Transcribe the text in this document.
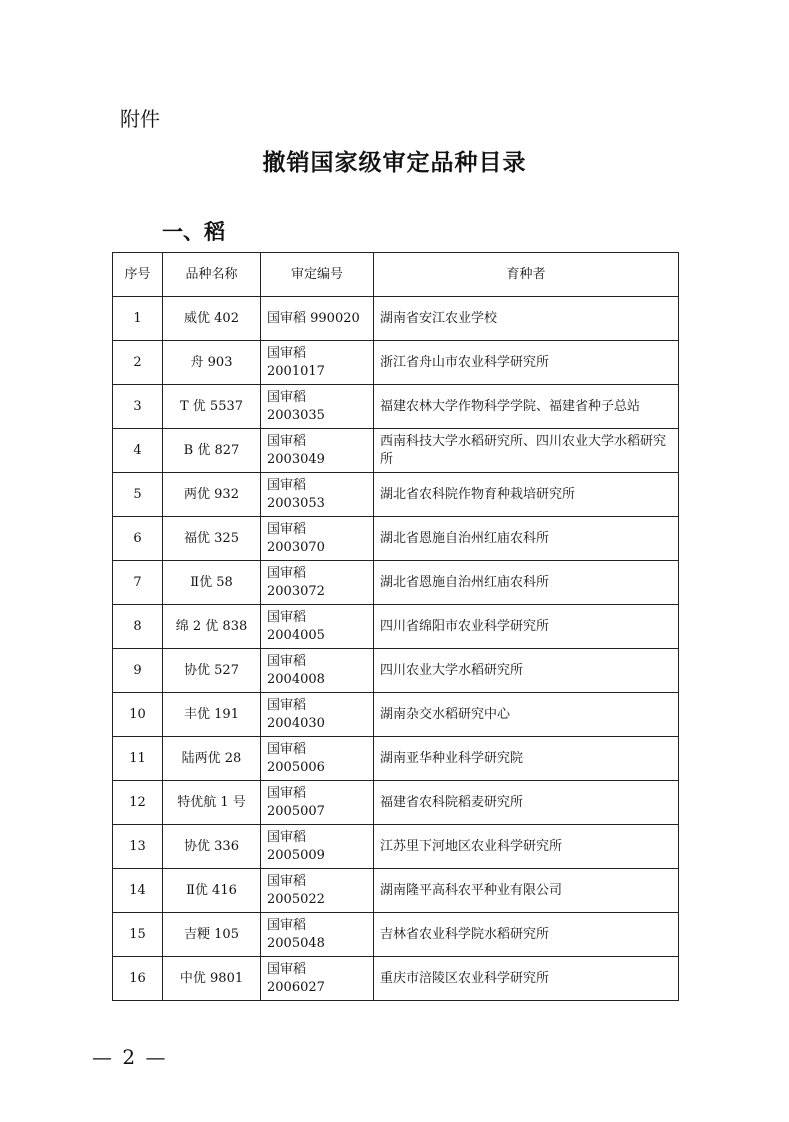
附件
撤销国家级审定品种目录
一、稻
序号	品种名称	审定编号	育种者
1	威优 402	国审稻 990020	湖南省安江农业学校
2	舟 903	国审稻 2001017	浙江省舟山市农业科学研究所
3	T 优 5537	国审稻 2003035	福建农林大学作物科学学院、福建省种子总站
4	B 优 827	国审稻 2003049	西南科技大学水稻研究所、四川农业大学水稻研究所
5	两优 932	国审稻 2003053	湖北省农科院作物育种栽培研究所
6	福优 325	国审稻 2003070	湖北省恩施自治州红庙农科所
7	Ⅱ优 58	国审稻 2003072	湖北省恩施自治州红庙农科所
8	绵 2 优 838	国审稻 2004005	四川省绵阳市农业科学研究所
9	协优 527	国审稻 2004008	四川农业大学水稻研究所
10	丰优 191	国审稻 2004030	湖南杂交水稻研究中心
11	陆两优 28	国审稻 2005006	湖南亚华种业科学研究院
12	特优航 1 号	国审稻 2005007	福建省农科院稻麦研究所
13	协优 336	国审稻 2005009	江苏里下河地区农业科学研究所
14	Ⅱ优 416	国审稻 2005022	湖南隆平高科农平种业有限公司
15	吉粳 105	国审稻 2005048	吉林省农业科学院水稻研究所
16	中优 9801	国审稻 2006027	重庆市涪陵区农业科学研究所
— 2 —
